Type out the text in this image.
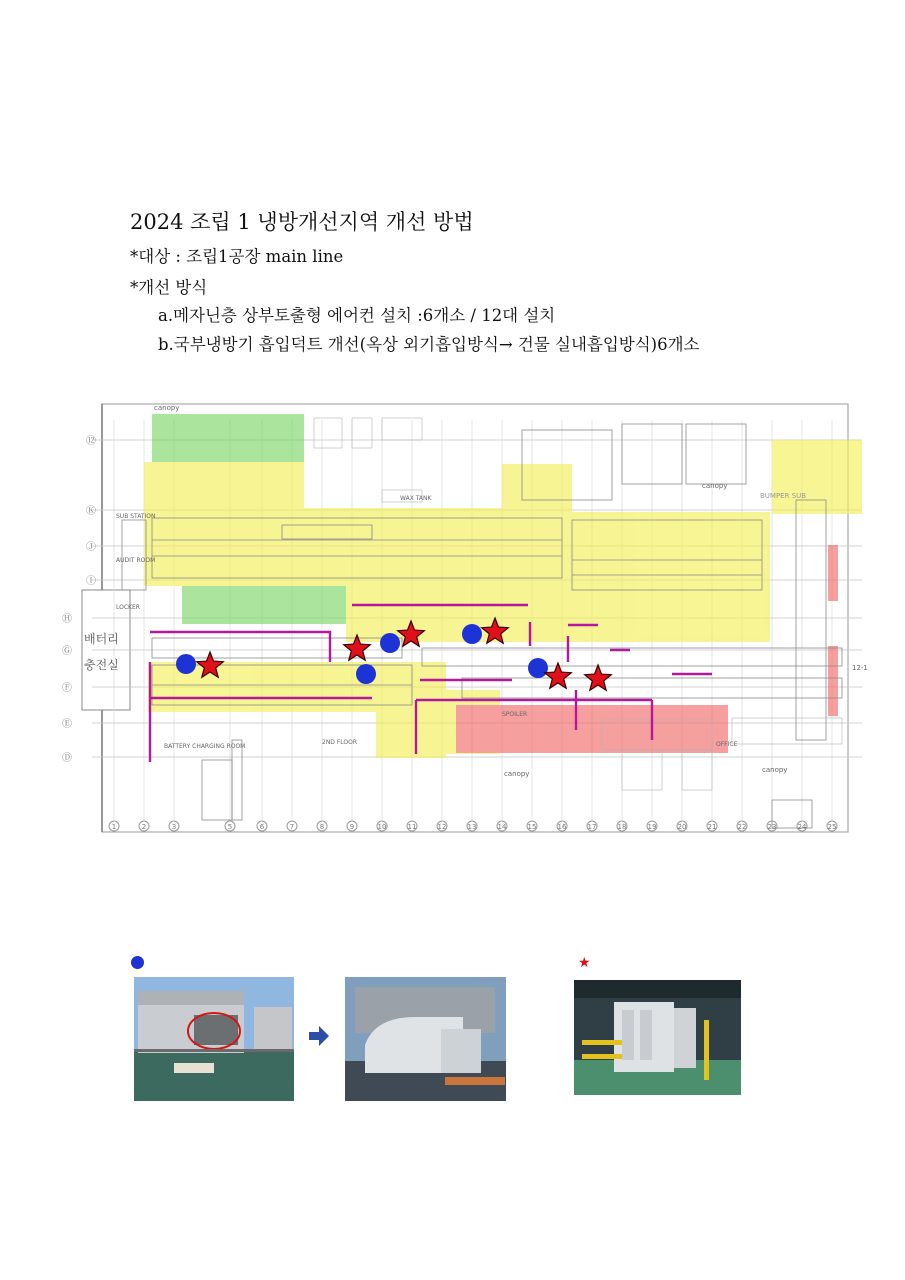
2024 조립 1 냉방개선지역 개선 방법
*대상 : 조립1공장 main line
*개선 방식
a.메자닌층 상부토출형 에어컨 설치 :6개소 / 12대 설치
b.국부냉방기 흡입덕트 개선(옥상 외기흡입방식→ 건물 실내흡입방식)6개소
canopy
canopy
canopy	canopy
BUMPER SUB
SUB STATION
AUDIT ROOM
LOCKER
WAX TANK
BATTERY CHARGING ROOM
2ND FLOOR
SPOILER
OFFICE
12-1
배터리
충전실
⑫
Ⓚ
Ⓙ
Ⓘ
Ⓗ
Ⓖ
Ⓕ
Ⓔ
Ⓓ
1	2	3	5	6	7	8	9	10	11	12	13	14	15	16	17	18	19	20	21	22	23	24	25
★
